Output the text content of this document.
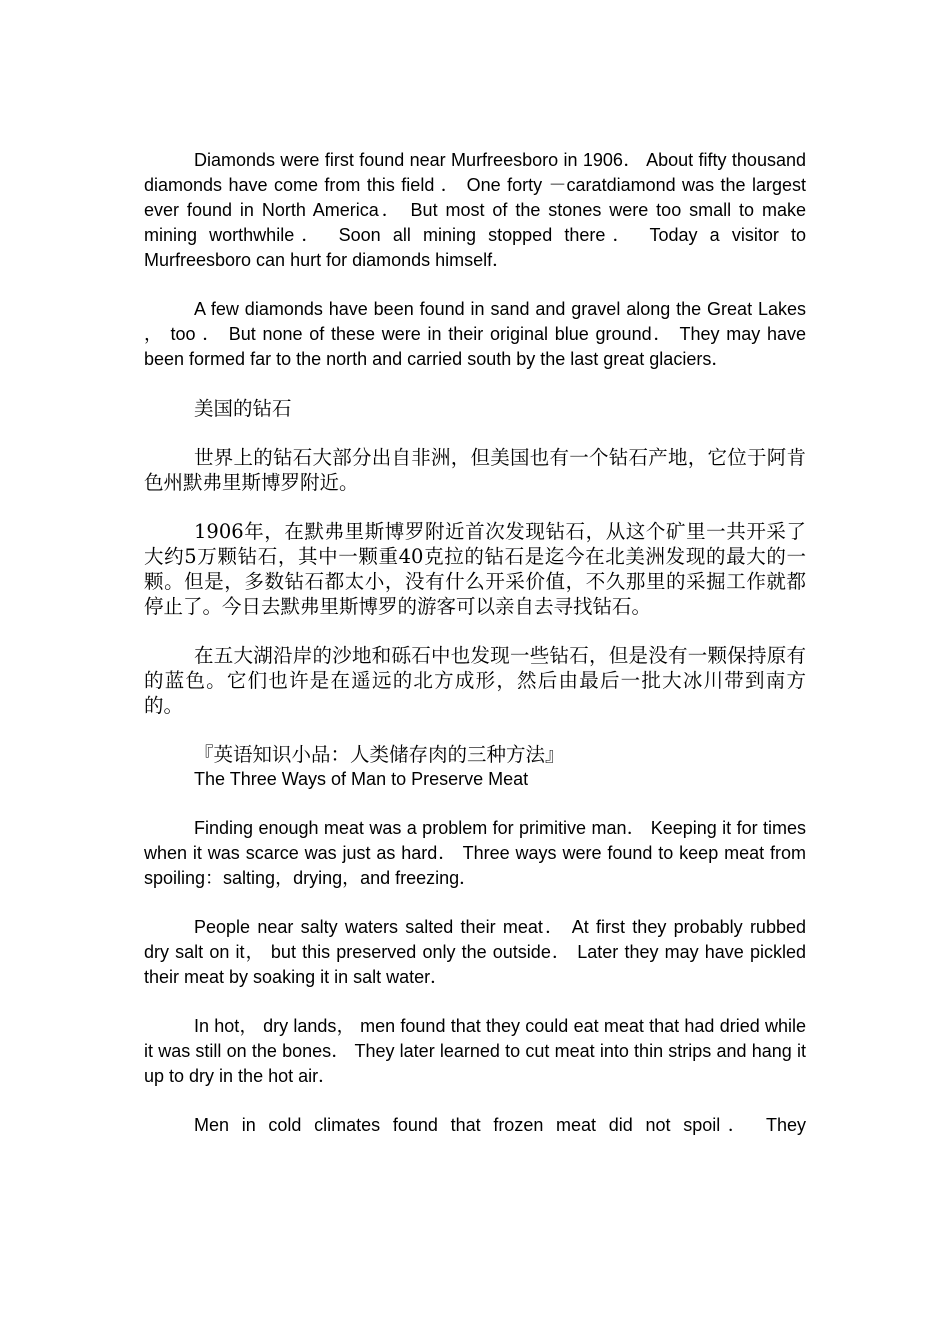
Diamonds were first found near Murfreesboro in 1906． About fifty thousand diamonds have come from this field ． One forty －caratdiamond was the largest ever found in North America． But most of the stones were too small to make mining worthwhile． Soon all mining stopped there． Today a visitor to Murfreesboro can hurt for diamonds himself．

A few diamonds have been found in sand and gravel along the Great Lakes ， too ． But none of these were in their original blue ground． They may have been formed far to the north and carried south by the last great glaciers．

美国的钻石

世界上的钻石大部分出自非洲，但美国也有一个钻石产地，它位于阿肯色州默弗里斯博罗附近。

1906年，在默弗里斯博罗附近首次发现钻石，从这个矿里一共开采了大约5万颗钻石，其中一颗重40克拉的钻石是迄今在北美洲发现的最大的一颗。但是，多数钻石都太小，没有什么开采价值，不久那里的采掘工作就都停止了。今日去默弗里斯博罗的游客可以亲自去寻找钻石。

在五大湖沿岸的沙地和砾石中也发现一些钻石，但是没有一颗保持原有的蓝色。它们也许是在遥远的北方成形，然后由最后一批大冰川带到南方的。

『英语知识小品：人类储存肉的三种方法』

The Three Ways of Man to Preserve Meat

Finding enough meat was a problem for primitive man． Keeping it for times when it was scarce was just as hard． Three ways were found to keep meat from spoiling：salting，drying，and freezing．

People near salty waters salted their meat． At first they probably rubbed dry salt on it， but this preserved only the outside． Later they may have pickled their meat by soaking it in salt water．

In hot， dry lands， men found that they could eat meat that had dried while it was still on the bones． They later learned to cut meat into thin strips and hang it up to dry in the hot air．

Men in cold climates found that frozen meat did not spoil． They
